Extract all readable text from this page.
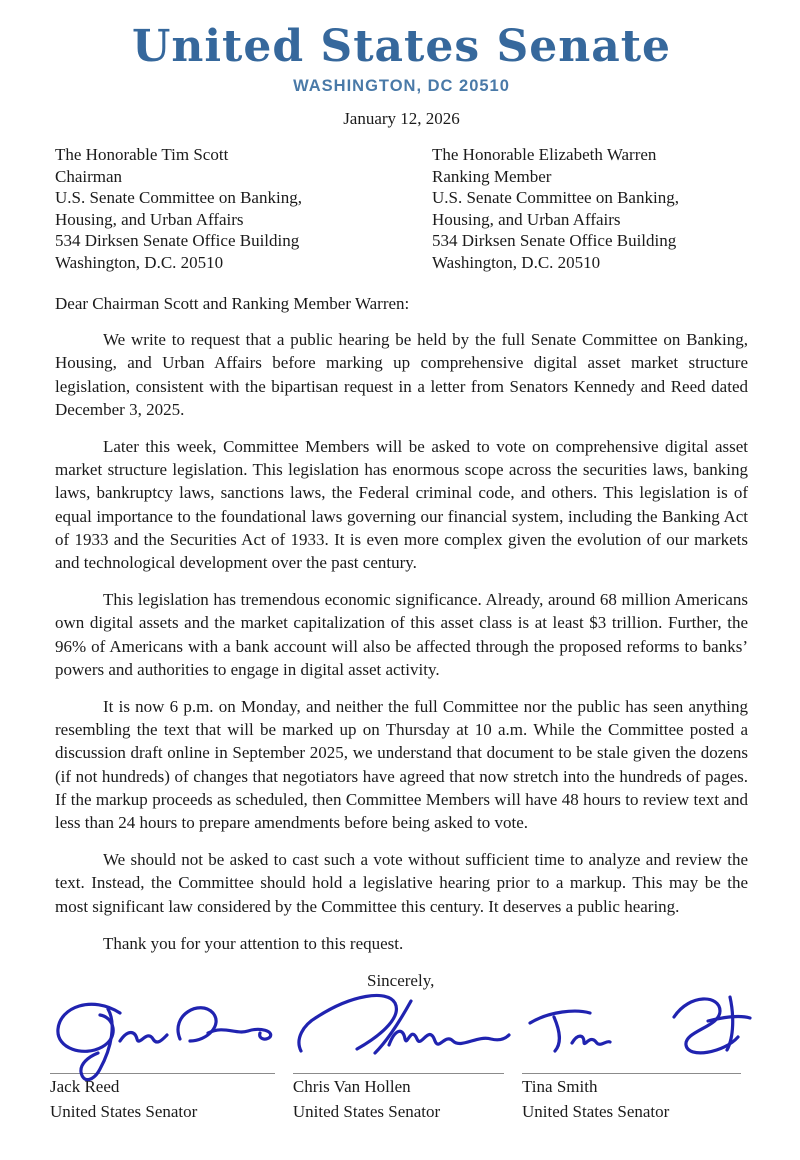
United States Senate
WASHINGTON, DC 20510
January 12, 2026
The Honorable Tim Scott
Chairman
U.S. Senate Committee on Banking,
Housing, and Urban Affairs
534 Dirksen Senate Office Building
Washington, D.C. 20510
The Honorable Elizabeth Warren
Ranking Member
U.S. Senate Committee on Banking,
Housing, and Urban Affairs
534 Dirksen Senate Office Building
Washington, D.C. 20510

Dear Chairman Scott and Ranking Member Warren:

We write to request that a public hearing be held by the full Senate Committee on Banking, Housing, and Urban Affairs before marking up comprehensive digital asset market structure legislation, consistent with the bipartisan request in a letter from Senators Kennedy and Reed dated December 3, 2025.

Later this week, Committee Members will be asked to vote on comprehensive digital asset market structure legislation. This legislation has enormous scope across the securities laws, banking laws, bankruptcy laws, sanctions laws, the Federal criminal code, and others. This legislation is of equal importance to the foundational laws governing our financial system, including the Banking Act of 1933 and the Securities Act of 1933. It is even more complex given the evolution of our markets and technological development over the past century.

This legislation has tremendous economic significance. Already, around 68 million Americans own digital assets and the market capitalization of this asset class is at least $3 trillion. Further, the 96% of Americans with a bank account will also be affected through the proposed reforms to banks’ powers and authorities to engage in digital asset activity.

It is now 6 p.m. on Monday, and neither the full Committee nor the public has seen anything resembling the text that will be marked up on Thursday at 10 a.m. While the Committee posted a discussion draft online in September 2025, we understand that document to be stale given the dozens (if not hundreds) of changes that negotiators have agreed that now stretch into the hundreds of pages. If the markup proceeds as scheduled, then Committee Members will have 48 hours to review text and less than 24 hours to prepare amendments before being asked to vote.

We should not be asked to cast such a vote without sufficient time to analyze and review the text. Instead, the Committee should hold a legislative hearing prior to a markup. This may be the most significant law considered by the Committee this century. It deserves a public hearing.

Thank you for your attention to this request.

Sincerely,

Jack Reed
United States Senator
Chris Van Hollen
United States Senator
Tina Smith
United States Senator
